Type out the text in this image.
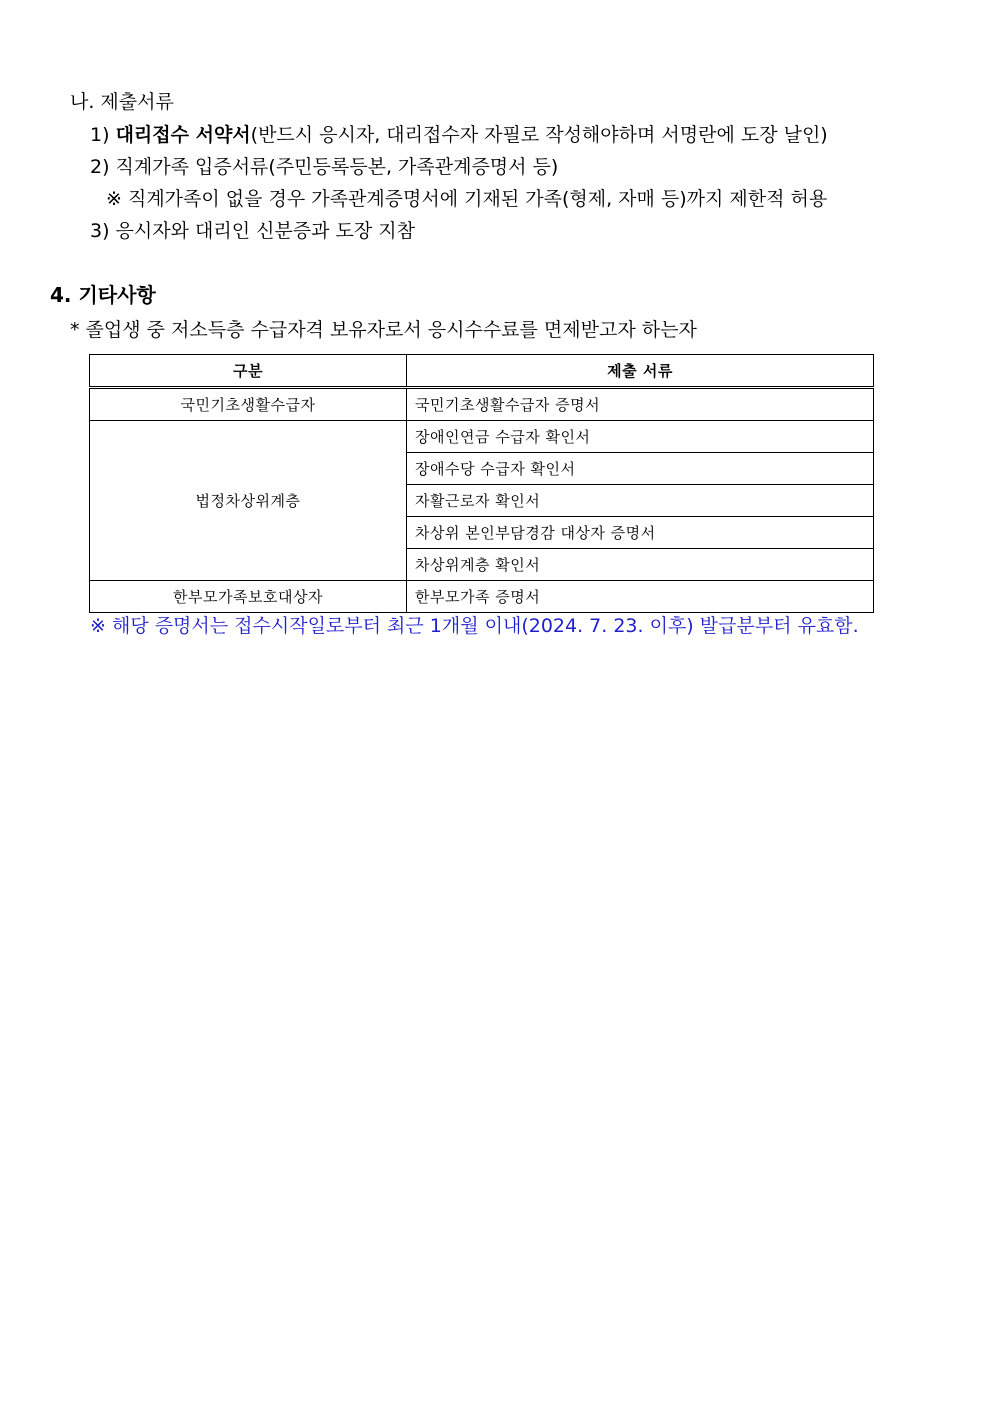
나. 제출서류
1) 대리접수 서약서(반드시 응시자, 대리접수자 자필로 작성해야하며 서명란에 도장 날인)
2) 직계가족 입증서류(주민등록등본, 가족관계증명서 등)
※ 직계가족이 없을 경우 가족관계증명서에 기재된 가족(형제, 자매 등)까지 제한적 허용
3) 응시자와 대리인 신분증과 도장 지참
4. 기타사항
* 졸업생 중 저소득층 수급자격 보유자로서 응시수수료를 면제받고자 하는자
구분	제출 서류
국민기초생활수급자	국민기초생활수급자 증명서
법정차상위계층	장애인연금 수급자 확인서
	장애수당 수급자 확인서
	자활근로자 확인서
	차상위 본인부담경감 대상자 증명서
	차상위계층 확인서
한부모가족보호대상자	한부모가족 증명서
※ 해당 증명서는 접수시작일로부터 최근 1개월 이내(2024. 7. 23. 이후) 발급분부터 유효함.
